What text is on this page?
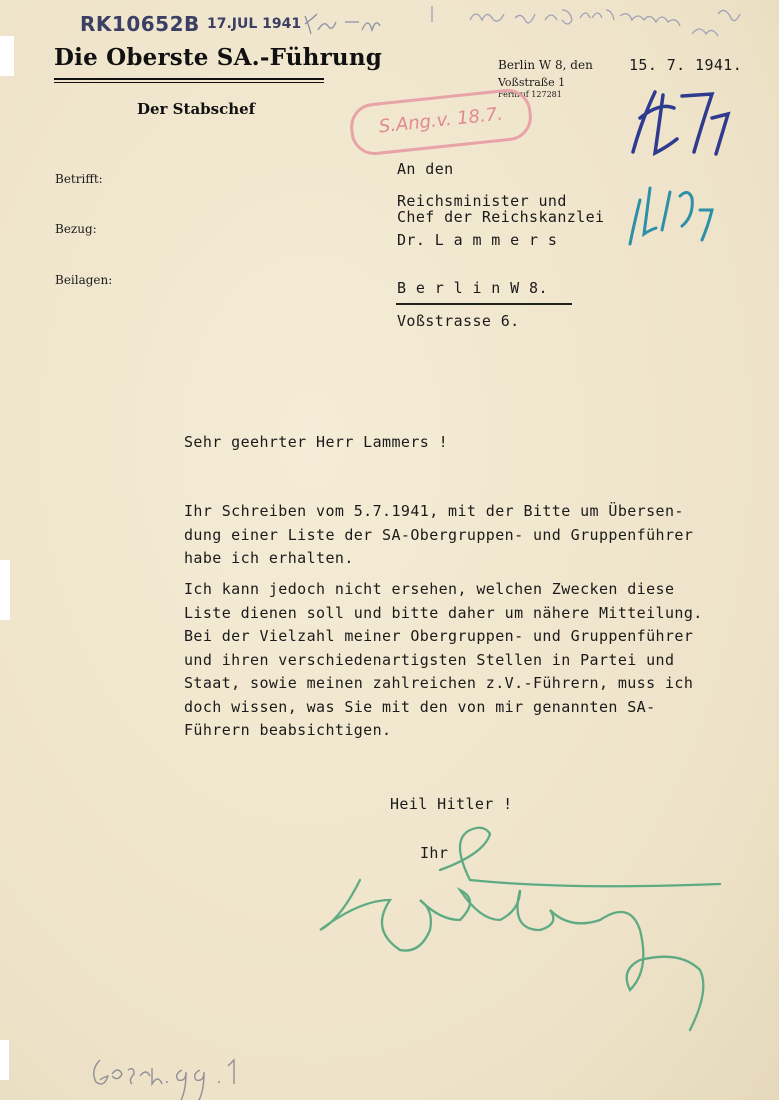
RK10652B 17.JUL 1941
Die Oberste SA.-Führung
Der Stabschef
Berlin W 8, den
Voßstraße 1
Fernruf 127281
15. 7. 1941.
S.Ang.v. 18.7.
Betrifft:
Bezug:
Beilagen:
An den
Reichsminister und
Chef der Reichskanzlei
Dr. L a m m e r s
B e r l i n W 8.
Voßstrasse 6.
Sehr geehrter Herr Lammers !
Ihr Schreiben vom 5.7.1941, mit der Bitte um Übersen-
dung einer Liste der SA-Obergruppen- und Gruppenführer
habe ich erhalten.
Ich kann jedoch nicht ersehen, welchen Zwecken diese
Liste dienen soll und bitte daher um nähere Mitteilung.
Bei der Vielzahl meiner Obergruppen- und Gruppenführer
und ihren verschiedenartigsten Stellen in Partei und
Staat, sowie meinen zahlreichen z.V.-Führern, muss ich
doch wissen, was Sie mit den von mir genannten SA-
Führern beabsichtigen.
Heil Hitler !
Ihr
